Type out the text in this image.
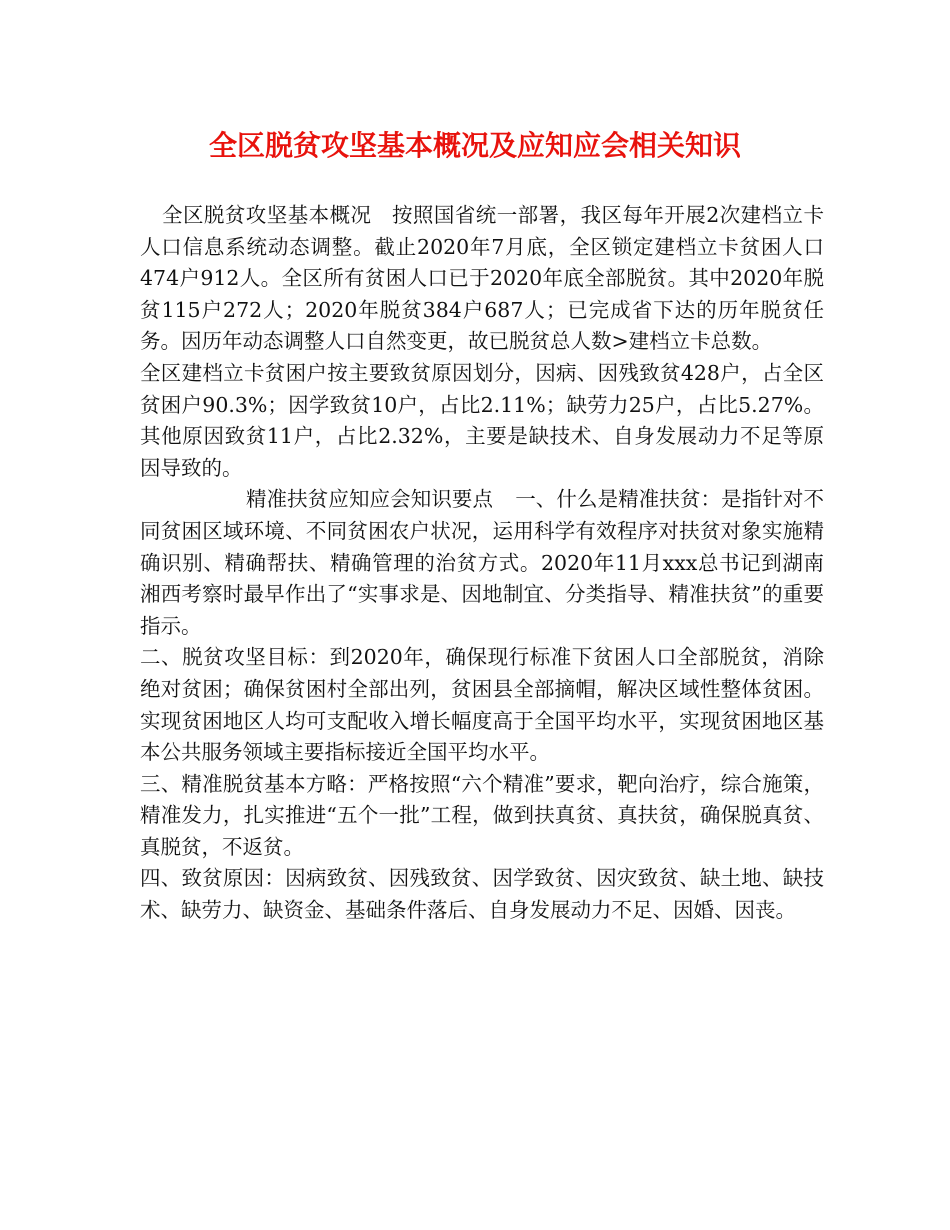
全区脱贫攻坚基本概况及应知应会相关知识

全区脱贫攻坚基本概况 按照国省统一部署，我区每年开展2次建档立卡人口信息系统动态调整。截止2020年7月底，全区锁定建档立卡贫困人口474户912人。全区所有贫困人口已于2020年底全部脱贫。其中2020年脱贫115户272人；2020年脱贫384户687人；已完成省下达的历年脱贫任务。因历年动态调整人口自然变更，故已脱贫总人数>建档立卡总数。

全区建档立卡贫困户按主要致贫原因划分，因病、因残致贫428户，占全区贫困户90.3%；因学致贫10户，占比2.11%；缺劳力25户，占比5.27%。其他原因致贫11户，占比2.32%，主要是缺技术、自身发展动力不足等原因导致的。

精准扶贫应知应会知识要点 一、什么是精准扶贫：是指针对不同贫困区域环境、不同贫困农户状况，运用科学有效程序对扶贫对象实施精确识别、精确帮扶、精确管理的治贫方式。2020年11月xxx总书记到湖南湘西考察时最早作出了“实事求是、因地制宜、分类指导、精准扶贫”的重要指示。

二、脱贫攻坚目标：到2020年，确保现行标准下贫困人口全部脱贫，消除绝对贫困；确保贫困村全部出列，贫困县全部摘帽，解决区域性整体贫困。实现贫困地区人均可支配收入增长幅度高于全国平均水平，实现贫困地区基本公共服务领域主要指标接近全国平均水平。

三、精准脱贫基本方略：严格按照“六个精准”要求，靶向治疗，综合施策，精准发力，扎实推进“五个一批”工程，做到扶真贫、真扶贫，确保脱真贫、真脱贫，不返贫。

四、致贫原因：因病致贫、因残致贫、因学致贫、因灾致贫、缺土地、缺技术、缺劳力、缺资金、基础条件落后、自身发展动力不足、因婚、因丧。
